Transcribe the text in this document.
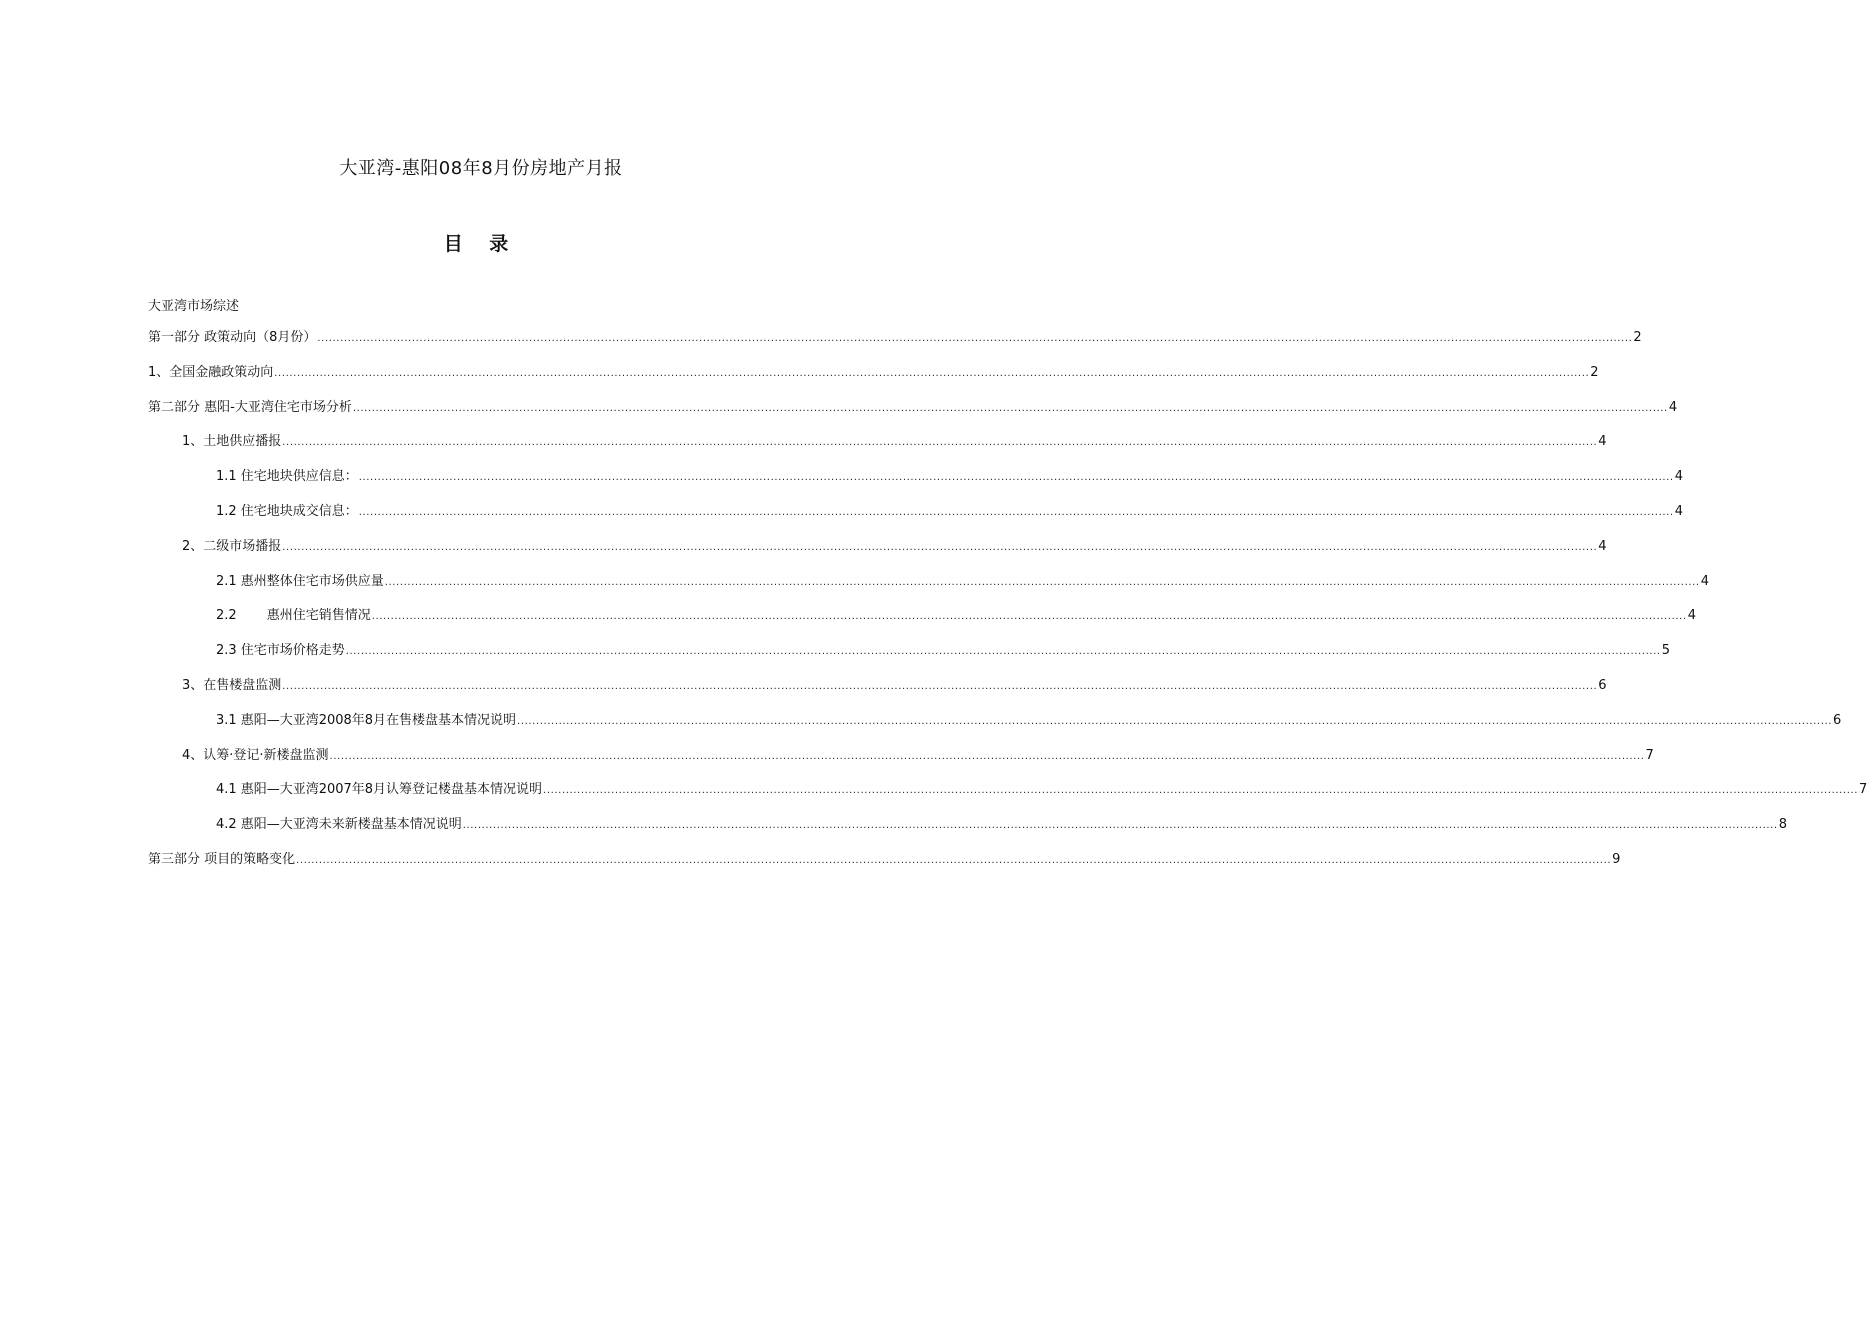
大亚湾-惠阳08年8月份房地产月报
目 录
大亚湾市场综述
第一部分 政策动向（8月份） ............................................................................................................................................................................................................................................................................................................................................................ 2
1、全国金融政策动向 ............................................................................................................................................................................................................................................................................................................................................................ 2
第二部分 惠阳-大亚湾住宅市场分析 ............................................................................................................................................................................................................................................................................................................................................................ 4
1、土地供应播报 ............................................................................................................................................................................................................................................................................................................................................................ 4
1.1 住宅地块供应信息： ............................................................................................................................................................................................................................................................................................................................................................ 4
1.2 住宅地块成交信息： ............................................................................................................................................................................................................................................................................................................................................................ 4
2、二级市场播报 ............................................................................................................................................................................................................................................................................................................................................................ 4
2.1 惠州整体住宅市场供应量 ............................................................................................................................................................................................................................................................................................................................................................ 4
2.2 惠州住宅销售情况 ............................................................................................................................................................................................................................................................................................................................................................ 4
2.3 住宅市场价格走势 ............................................................................................................................................................................................................................................................................................................................................................ 5
3、在售楼盘监测 ............................................................................................................................................................................................................................................................................................................................................................ 6
3.1 惠阳—大亚湾2008年8月在售楼盘基本情况说明 ............................................................................................................................................................................................................................................................................................................................................................ 6
4、认筹·登记·新楼盘监测 ............................................................................................................................................................................................................................................................................................................................................................ 7
4.1 惠阳—大亚湾2007年8月认筹登记楼盘基本情况说明 ............................................................................................................................................................................................................................................................................................................................................................ 7
4.2 惠阳—大亚湾未来新楼盘基本情况说明 ............................................................................................................................................................................................................................................................................................................................................................ 8
第三部分 项目的策略变化 ............................................................................................................................................................................................................................................................................................................................................................ 9
